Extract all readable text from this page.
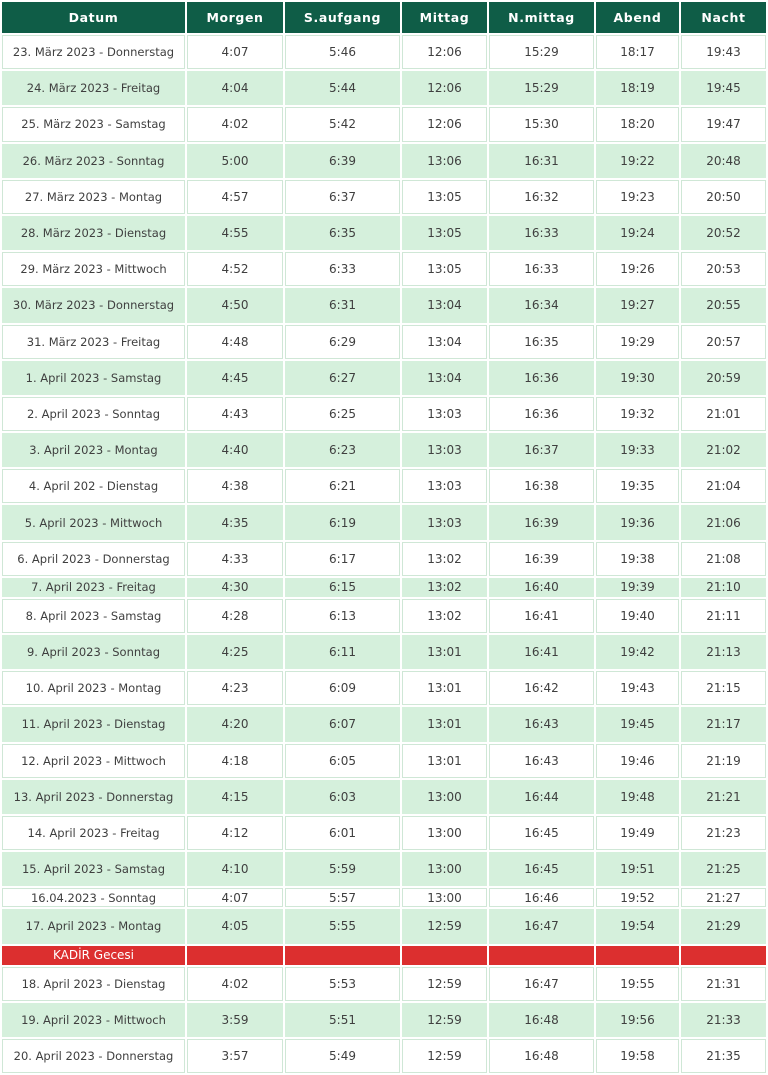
Datum	Morgen	S.aufgang	Mittag	N.mittag	Abend	Nacht
23. März 2023 - Donnerstag	4:07	5:46	12:06	15:29	18:17	19:43
24. März 2023 - Freitag	4:04	5:44	12:06	15:29	18:19	19:45
25. März 2023 - Samstag	4:02	5:42	12:06	15:30	18:20	19:47
26. März 2023 - Sonntag	5:00	6:39	13:06	16:31	19:22	20:48
27. März 2023 - Montag	4:57	6:37	13:05	16:32	19:23	20:50
28. März 2023 - Dienstag	4:55	6:35	13:05	16:33	19:24	20:52
29. März 2023 - Mittwoch	4:52	6:33	13:05	16:33	19:26	20:53
30. März 2023 - Donnerstag	4:50	6:31	13:04	16:34	19:27	20:55
31. März 2023 - Freitag	4:48	6:29	13:04	16:35	19:29	20:57
1. April 2023 - Samstag	4:45	6:27	13:04	16:36	19:30	20:59
2. April 2023 - Sonntag	4:43	6:25	13:03	16:36	19:32	21:01
3. April 2023 - Montag	4:40	6:23	13:03	16:37	19:33	21:02
4. April 202 - Dienstag	4:38	6:21	13:03	16:38	19:35	21:04
5. April 2023 - Mittwoch	4:35	6:19	13:03	16:39	19:36	21:06
6. April 2023 - Donnerstag	4:33	6:17	13:02	16:39	19:38	21:08
7. April 2023 - Freitag	4:30	6:15	13:02	16:40	19:39	21:10
8. April 2023 - Samstag	4:28	6:13	13:02	16:41	19:40	21:11
9. April 2023 - Sonntag	4:25	6:11	13:01	16:41	19:42	21:13
10. April 2023 - Montag	4:23	6:09	13:01	16:42	19:43	21:15
11. April 2023 - Dienstag	4:20	6:07	13:01	16:43	19:45	21:17
12. April 2023 - Mittwoch	4:18	6:05	13:01	16:43	19:46	21:19
13. April 2023 - Donnerstag	4:15	6:03	13:00	16:44	19:48	21:21
14. April 2023 - Freitag	4:12	6:01	13:00	16:45	19:49	21:23
15. April 2023 - Samstag	4:10	5:59	13:00	16:45	19:51	21:25
16.04.2023 - Sonntag	4:07	5:57	13:00	16:46	19:52	21:27
17. April 2023 - Montag	4:05	5:55	12:59	16:47	19:54	21:29
KADİR Gecesi						
18. April 2023 - Dienstag	4:02	5:53	12:59	16:47	19:55	21:31
19. April 2023 - Mittwoch	3:59	5:51	12:59	16:48	19:56	21:33
20. April 2023 - Donnerstag	3:57	5:49	12:59	16:48	19:58	21:35
